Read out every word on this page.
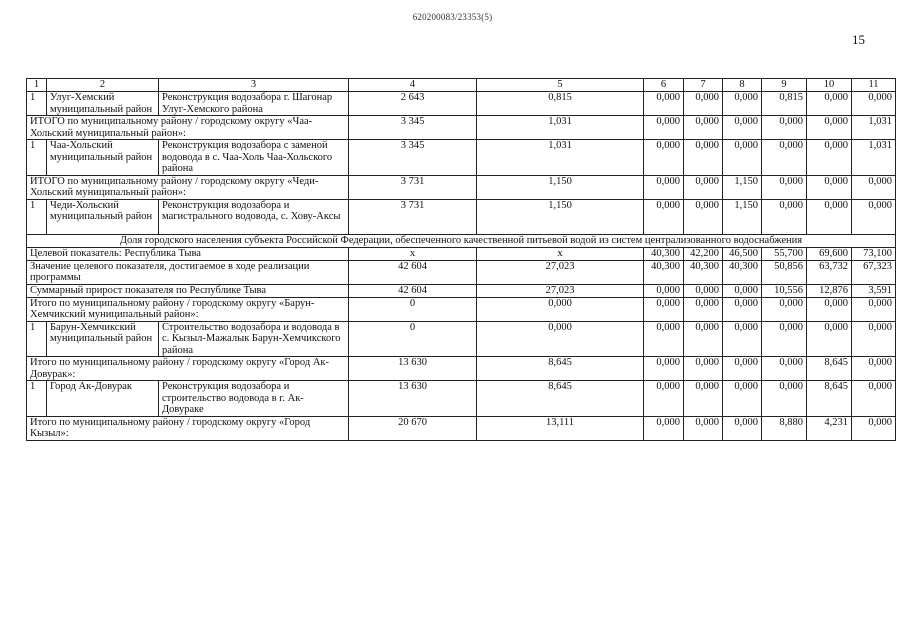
620200083/23353(5)
15
1	2	3	4	5	6	7	8	9	10	11
1	Улуг-Хемский муниципальный район	Реконструкция водозабора г. Шагонар Улуг-Хемского района	2 643	0,815	0,000	0,000	0,000	0,815	0,000	0,000
ИТОГО по муниципальному району / городскому округу «Чаа-Хольский муниципальный район»:			3 345	1,031	0,000	0,000	0,000	0,000	0,000	1,031
1	Чаа-Хольский муниципальный район	Реконструкция водозабора с заменой водовода в с. Чаа-Холь Чаа-Хольского района	3 345	1,031	0,000	0,000	0,000	0,000	0,000	1,031
ИТОГО по муниципальному району / городскому округу «Чеди-Хольский муниципальный район»:			3 731	1,150	0,000	0,000	1,150	0,000	0,000	0,000
1	Чеди-Хольский муниципальный район	Реконструкция водозабора и магистрального водовода, с. Хову-Аксы	3 731	1,150	0,000	0,000	1,150	0,000	0,000	0,000
Доля городского населения субъекта Российской Федерации, обеспеченного качественной питьевой водой из систем централизованного водоснабжения										
Целевой показатель: Республика Тыва			х	х	40,300	42,200	46,500	55,700	69,600	73,100
Значение целевого показателя, достигаемое в ходе реализации программы			42 604	27,023	40,300	40,300	40,300	50,856	63,732	67,323
Суммарный прирост показателя по Республике Тыва			42 604	27,023	0,000	0,000	0,000	10,556	12,876	3,591
Итого по муниципальному району / городскому округу «Барун-Хемчикский муниципальный район»:			0	0,000	0,000	0,000	0,000	0,000	0,000	0,000
1	Барун-Хемчикский муниципальный район	Строительство водозабора и водовода в с. Кызыл-Мажалык Барун-Хемчикского района	0	0,000	0,000	0,000	0,000	0,000	0,000	0,000
Итого по муниципальному району / городскому округу «Город Ак-Довурак»:			13 630	8,645	0,000	0,000	0,000	0,000	8,645	0,000
1	Город Ак-Довурак	Реконструкция водозабора и строительство водовода в г. Ак-Довураке	13 630	8,645	0,000	0,000	0,000	0,000	8,645	0,000
Итого по муниципальному району / городскому округу «Город Кызыл»:			20 670	13,111	0,000	0,000	0,000	8,880	4,231	0,000
